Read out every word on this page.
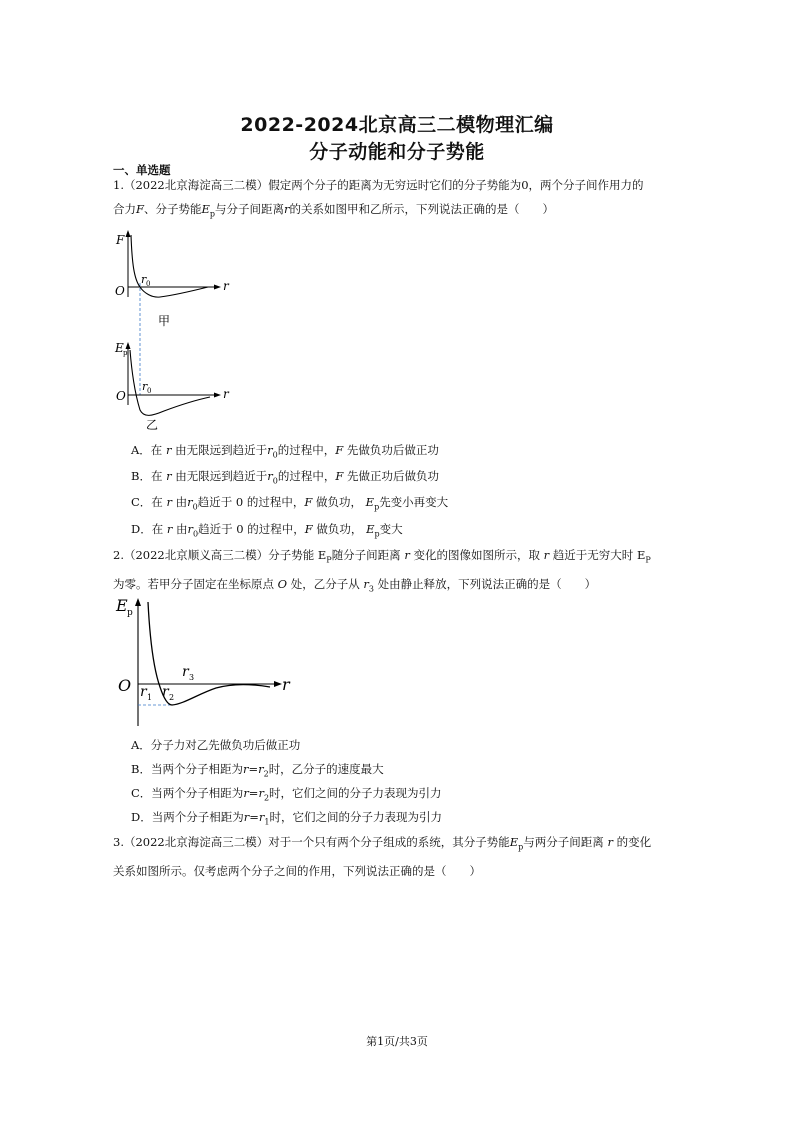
2022-2024北京高三二模物理汇编
分子动能和分子势能
一、单选题
1.（2022北京海淀高三二模）假定两个分子的距离为无穷远时它们的分子势能为0，两个分子间作用力的
合力F、分子势能$E_p$与分子间距离r的关系如图甲和乙所示，下列说法正确的是（　　）
F
O
r 0	r
甲
E p
O
r 0	r
乙
A．在 r 由无限远到趋近于$r_0$的过程中，F 先做负功后做正功
B．在 r 由无限远到趋近于$r_0$的过程中，F 先做正功后做负功
C．在 r 由$r_0$趋近于 0 的过程中，F 做负功， $E_p$先变小再变大
D．在 r 由$r_0$趋近于 0 的过程中，F 做负功， $E_p$变大
2.（2022北京顺义高三二模）分子势能 $E_P$随分子间距离 r 变化的图像如图所示，取 r 趋近于无穷大时 $E_P$
为零。若甲分子固定在坐标原点 O 处，乙分子从 $r_3$ 处由静止释放，下列说法正确的是（　　）
E p
O	r
r 1 r 2
r 3
A．分子力对乙先做负功后做正功
B．当两个分子相距为$r=r_2$时，乙分子的速度最大
C．当两个分子相距为$r=r_2$时，它们之间的分子力表现为引力
D．当两个分子相距为$r=r_1$时，它们之间的分子力表现为引力
3.（2022北京海淀高三二模）对于一个只有两个分子组成的系统，其分子势能$E_p$与两分子间距离 r 的变化
关系如图所示。仅考虑两个分子之间的作用，下列说法正确的是（　　）
第1页/共3页
